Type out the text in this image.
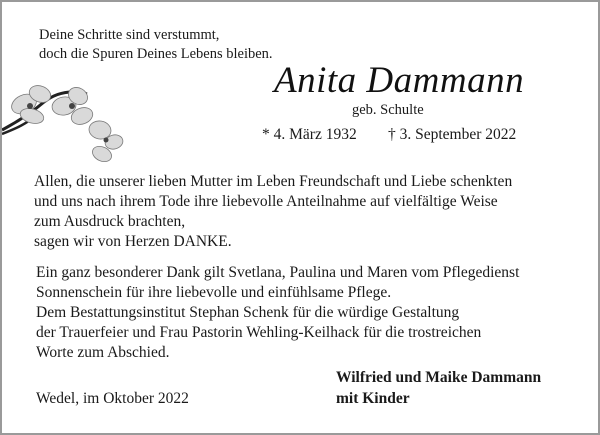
Deine Schritte sind verstummt,
doch die Spuren Deines Lebens bleiben.
Anita Dammann
geb. Schulte
* 4. März 1932 † 3. September 2022
Allen, die unserer lieben Mutter im Leben Freundschaft und Liebe schenkten
und uns nach ihrem Tode ihre liebevolle Anteilnahme auf vielfältige Weise
zum Ausdruck brachten,
sagen wir von Herzen DANKE.
Ein ganz besonderer Dank gilt Svetlana, Paulina und Maren vom Pflegedienst
Sonnenschein für ihre liebevolle und einfühlsame Pflege.
Dem Bestattungsinstitut Stephan Schenk für die würdige Gestaltung
der Trauerfeier und Frau Pastorin Wehling-Keilhack für die trostreichen
Worte zum Abschied.
Wedel, im Oktober 2022
Wilfried und Maike Dammann
mit Kinder
